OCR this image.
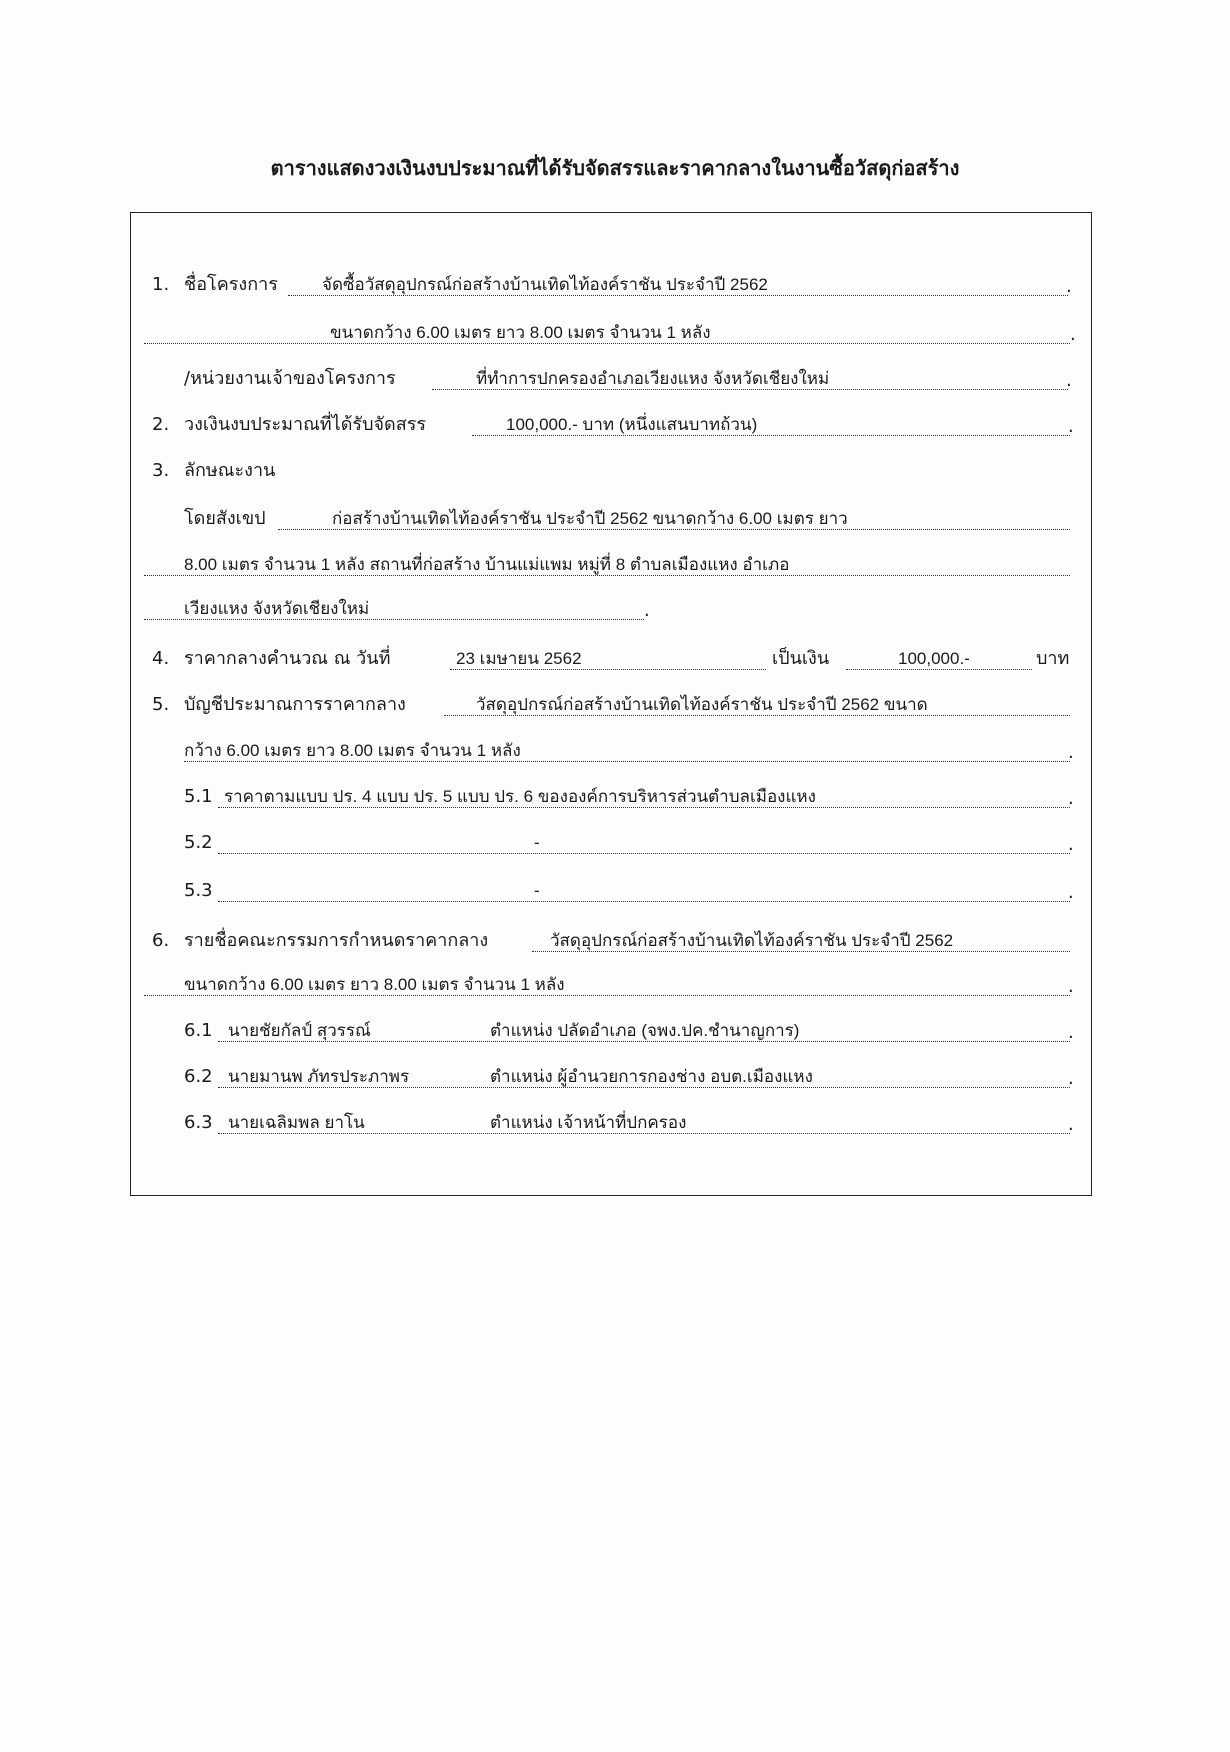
ตารางแสดงวงเงินงบประมาณที่ได้รับจัดสรรและราคากลางในงานซื้อวัสดุก่อสร้าง
1. ชื่อโครงการ	จัดซื้อวัสดุอุปกรณ์ก่อสร้างบ้านเทิดไท้องค์ราชัน ประจำปี 2562	.
ขนาดกว้าง 6.00 เมตร ยาว 8.00 เมตร จำนวน 1 หลัง	.
/หน่วยงานเจ้าของโครงการ	ที่ทำการปกครองอำเภอเวียงแหง จังหวัดเชียงใหม่	.
2. วงเงินงบประมาณที่ได้รับจัดสรร	100,000.- บาท (หนึ่งแสนบาทถ้วน)	.
3. ลักษณะงาน
โดยสังเขป	ก่อสร้างบ้านเทิดไท้องค์ราชัน ประจำปี 2562 ขนาดกว้าง 6.00 เมตร ยาว
8.00 เมตร จำนวน 1 หลัง สถานที่ก่อสร้าง บ้านแม่แพม หมู่ที่ 8 ตำบลเมืองแหง อำเภอ
เวียงแหง จังหวัดเชียงใหม่	.
4. ราคากลางคำนวณ ณ วันที่	23 เมษายน 2562	เป็นเงิน	100,000.-	บาท
5. บัญชีประมาณการราคากลาง	วัสดุอุปกรณ์ก่อสร้างบ้านเทิดไท้องค์ราชัน ประจำปี 2562 ขนาด
กว้าง 6.00 เมตร ยาว 8.00 เมตร จำนวน 1 หลัง	.
5.1 ราคาตามแบบ ปร. 4 แบบ ปร. 5 แบบ ปร. 6 ขององค์การบริหารส่วนตำบลเมืองแหง	.
5.2	-	.
5.3	-	.
6. รายชื่อคณะกรรมการกำหนดราคากลาง	วัสดุอุปกรณ์ก่อสร้างบ้านเทิดไท้องค์ราชัน ประจำปี 2562
ขนาดกว้าง 6.00 เมตร ยาว 8.00 เมตร จำนวน 1 หลัง	.
6.1 นายชัยกัลป์ สุวรรณ์	ตำแหน่ง ปลัดอำเภอ (จพง.ปค.ชำนาญการ)	.
6.2 นายมานพ ภัทรประภาพร	ตำแหน่ง ผู้อำนวยการกองช่าง อบต.เมืองแหง	.
6.3 นายเฉลิมพล ยาโน	ตำแหน่ง เจ้าหน้าที่ปกครอง	.
